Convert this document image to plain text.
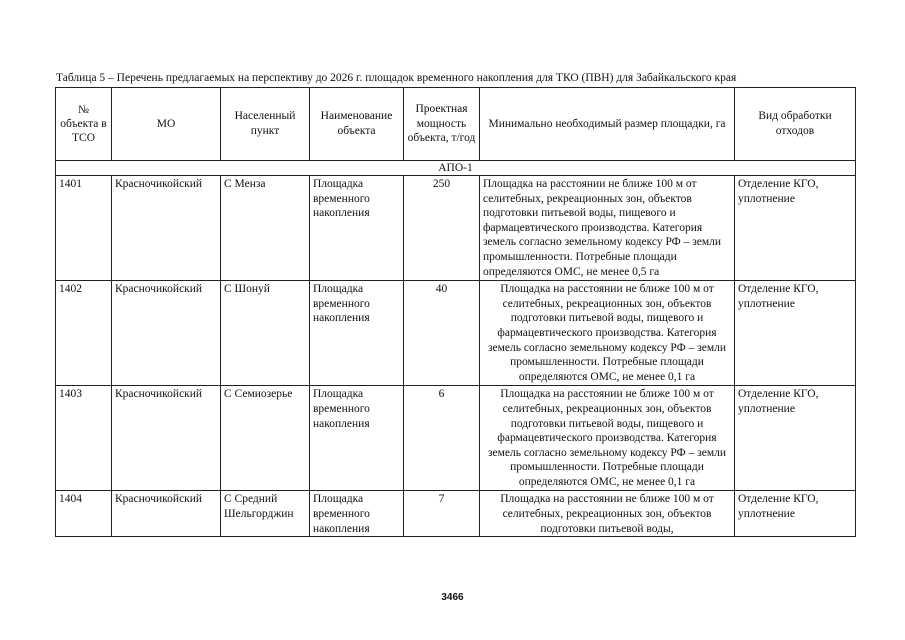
Таблица 5 – Перечень предлагаемых на перспективу до 2026 г. площадок временного накопления для ТКО (ПВН) для Забайкальского края
№ объекта в ТСО	МО	Населенный пункт	Наименование объекта	Проектная мощность объекта, т/год	Минимально необходимый размер площадки, га	Вид обработки отходов
АПО-1						
1401	Красночикойский	С Менза	Площадка временного накопления	250	Площадка на расстоянии не ближе 100 м от селитебных, рекреационных зон, объектов подготовки питьевой воды, пищевого и фармацевтического производства. Категория земель согласно земельному кодексу РФ – земли промышленности. Потребные площади определяются ОМС, не менее 0,5 га	Отделение КГО, уплотнение
1402	Красночикойский	С Шонуй	Площадка временного накопления	40	Площадка на расстоянии не ближе 100 м от селитебных, рекреационных зон, объектов подготовки питьевой воды, пищевого и фармацевтического производства. Категория земель согласно земельному кодексу РФ – земли промышленности. Потребные площади определяются ОМС, не менее 0,1 га	Отделение КГО, уплотнение
1403	Красночикойский	С Семиозерье	Площадка временного накопления	6	Площадка на расстоянии не ближе 100 м от селитебных, рекреационных зон, объектов подготовки питьевой воды, пищевого и фармацевтического производства. Категория земель согласно земельному кодексу РФ – земли промышленности. Потребные площади определяются ОМС, не менее 0,1 га	Отделение КГО, уплотнение

1404	Красночикойский	С Средний Шельгорджин	Площадка временного накопления	7	Площадка на расстоянии не ближе 100 м от селитебных, рекреационных зон, объектов подготовки питьевой воды,	Отделение КГО, уплотнение
3466
